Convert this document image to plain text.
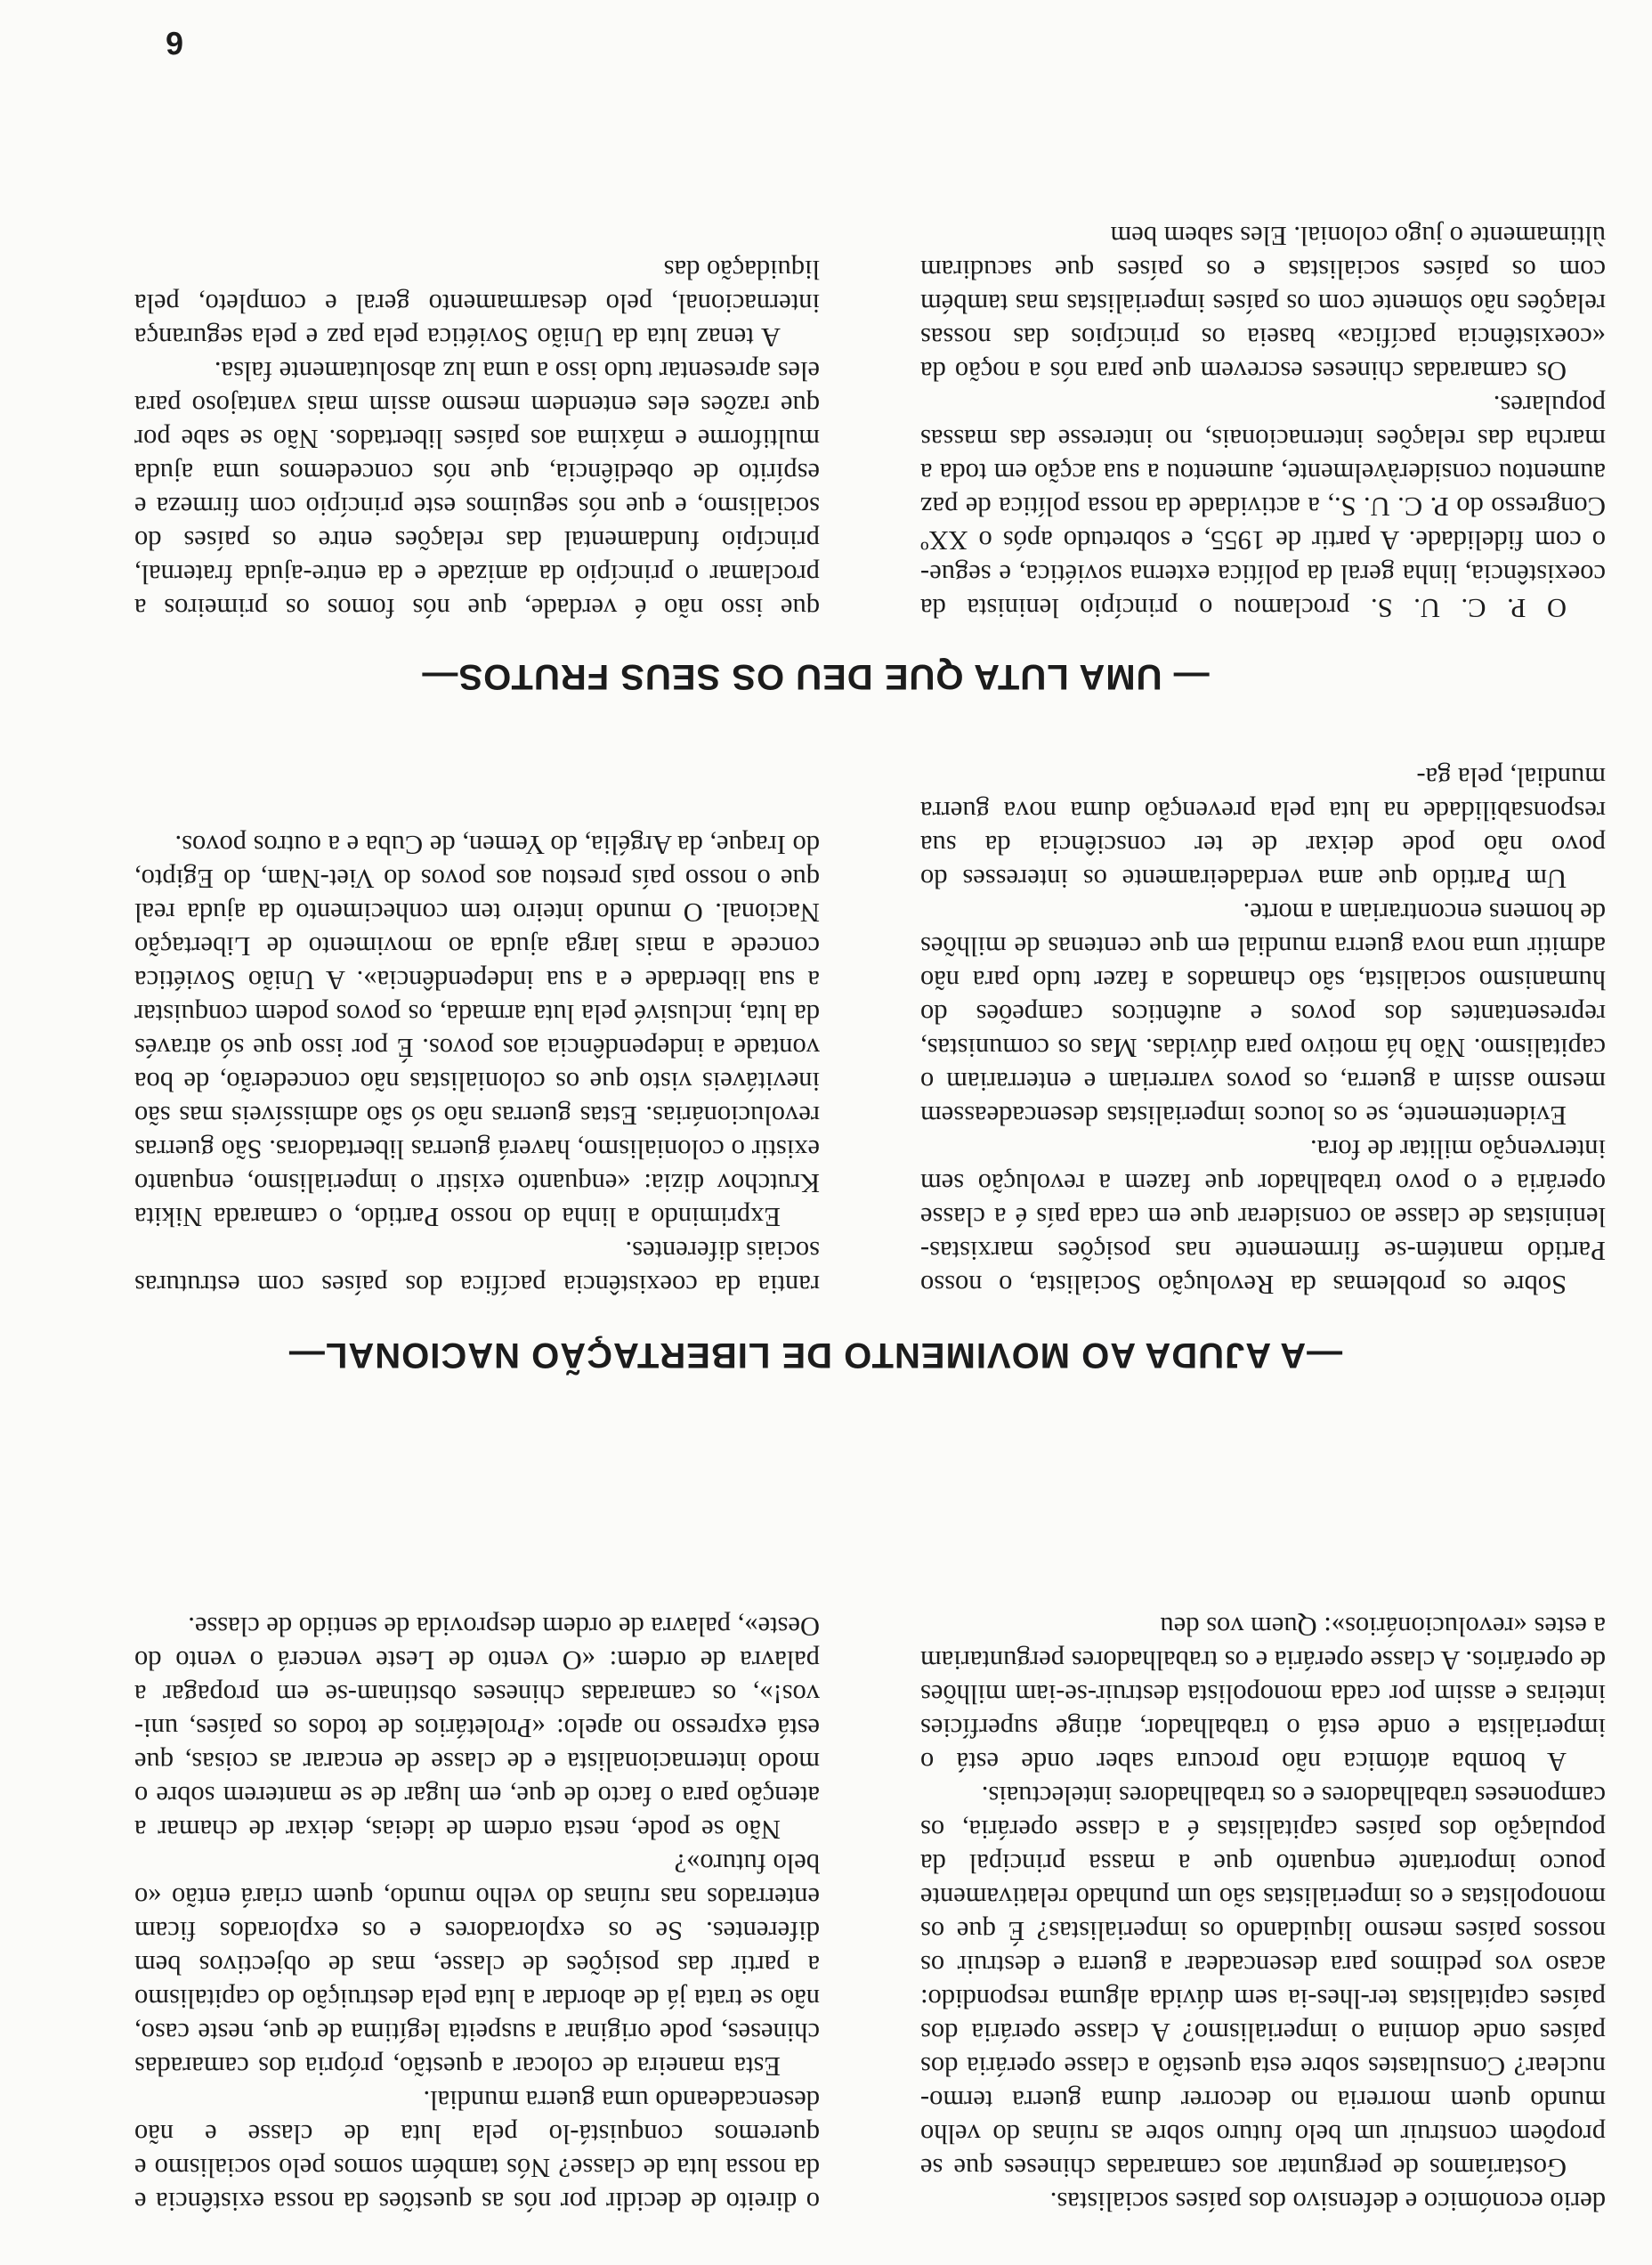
derio económico e defensivo dos países socialistas.

Gostaríamos de perguntar aos camaradas chineses que se propõem construir um belo futuro sobre as ruínas do velho mundo quem morreria no decorrer duma guerra termo-nuclear? Consultastes sobre esta questão a classe operária dos países onde domina o imperialismo? A classe operária dos países capitalistas ter-lhes-ia sem dúvida alguma respondido: acaso vos pedimos para desencadear a guerra e destruir os nossos países mesmo liquidando os imperialistas? É que os monopolistas e os imperialistas são um punhado relativamente pouco importante enquanto que a massa principal da população dos países capitalistas é a classe operária, os camponeses trabalhadores e os trabalhadores intelectuais.

A bomba atómica não procura saber onde está o imperialista e onde está o trabalhador, atinge superfícies inteiras e assim por cada monopolista destruir-se-iam milhões de operários. A classe operária e os trabalhadores perguntariam a estes «revolucionários»: Quem vos deu

o direito de decidir por nós as questões da nossa existência e da nossa luta de classe? Nós também somos pelo socialismo e queremos conquistá-lo pela luta de classe e não desencadeando uma guerra mundial.

Esta maneira de colocar a questão, própria dos camaradas chineses, pode originar a suspeita legítima de que, neste caso, não se trata já de abordar a luta pela destruição do capitalismo a partir das posições de classe, mas de objectivos bem diferentes. Se os exploradores e os explorados ficam enterrados nas ruínas do velho mundo, quem criará então «o belo futuro»?

Não se pode, nesta ordem de ideias, deixar de chamar a atenção para o facto de que, em lugar de se manterem sobre o modo internacionalista e de classe de encarar as coisas, que está expresso no apelo: «Proletários de todos os países, uni-vos!», os camaradas chineses obstinam-se em propagar a palavra de ordem: «O vento de Leste vencerá o vento do Oeste», palavra de ordem desprovida de sentido de classe.

—A AJUDA AO MOVIMENTO DE LIBERTAÇÃO NACIONAL—

Sobre os problemas da Revolução Socialista, o nosso Partido mantém-se firmemente nas posições marxistas-leninistas de classe ao considerar que em cada país é a classe operária e o povo trabalhador que fazem a revolução sem intervenção militar de fora.

Evidentemente, se os loucos imperialistas desencadeassem mesmo assim a guerra, os povos varreriam e enterrariam o capitalismo. Não há motivo para dúvidas. Mas os comunistas, representantes dos povos e autênticos campeões do humanismo socialista, são chamados a fazer tudo para não admitir uma nova guerra mundial em que centenas de milhões de homens encontrariam a morte.

Um Partido que ama verdadeiramente os interesses do povo não pode deixar de ter consciência da sua responsabilidade na luta pela prevenção duma nova guerra mundial, pela ga-

rantia da coexistência pacífica dos países com estruturas sociais diferentes.

Exprimindo a linha do nosso Partido, o camarada Nikita Krutchov dizia: «enquanto existir o imperialismo, enquanto existir o colonialismo, haverá guerras libertadoras. São guerras revolucionárias. Estas guerras não só são admissíveis mas são inevitáveis visto que os colonialistas não concederão, de boa vontade a independência aos povos. É por isso que só através da luta, inclusivé pela luta armada, os povos podem conquistar a sua liberdade e a sua independência». A União Soviética concede a mais larga ajuda ao movimento de Libertação Nacional. O mundo inteiro tem conhecimento da ajuda real que o nosso país prestou aos povos do Viet-Nam, do Egipto, do Iraque, da Argélia, do Yemen, de Cuba e a outros povos.

— UMA LUTA QUE DEU OS SEUS FRUTOS—

O P. C. U. S. proclamou o princípio leninista da coexistência, linha geral da política externa soviética, e segue-o com fidelidade. A partir de 1955, e sobretudo após o XXº Congresso do P. C. U. S., a actividade da nossa política de paz aumentou consideràvelmente, aumentou a sua acção em toda a marcha das relações internacionais, no interesse das massas populares.

Os camaradas chineses escrevem que para nós a noção da «coexistência pacífica» baseia os princípios das nossas relações não sòmente com os países imperialistas mas também com os países socialistas e os países que sacudiram ùltimamente o jugo colonial. Eles sabem bem

que isso não é verdade, que nós fomos os primeiros a proclamar o princípio da amizade e da entre-ajuda fraternal, princípio fundamental das relações entre os países do socialismo, e que nós seguimos este princípio com firmeza e espírito de obediência, que nós concedemos uma ajuda multiforme e máxima aos países libertados. Não se sabe por que razões eles entendem mesmo assim mais vantajoso para eles apresentar tudo isso a uma luz absolutamente falsa.

A tenaz luta da União Soviética pela paz e pela segurança internacional, pelo desarmamento geral e completo, pela liquidação das

6
